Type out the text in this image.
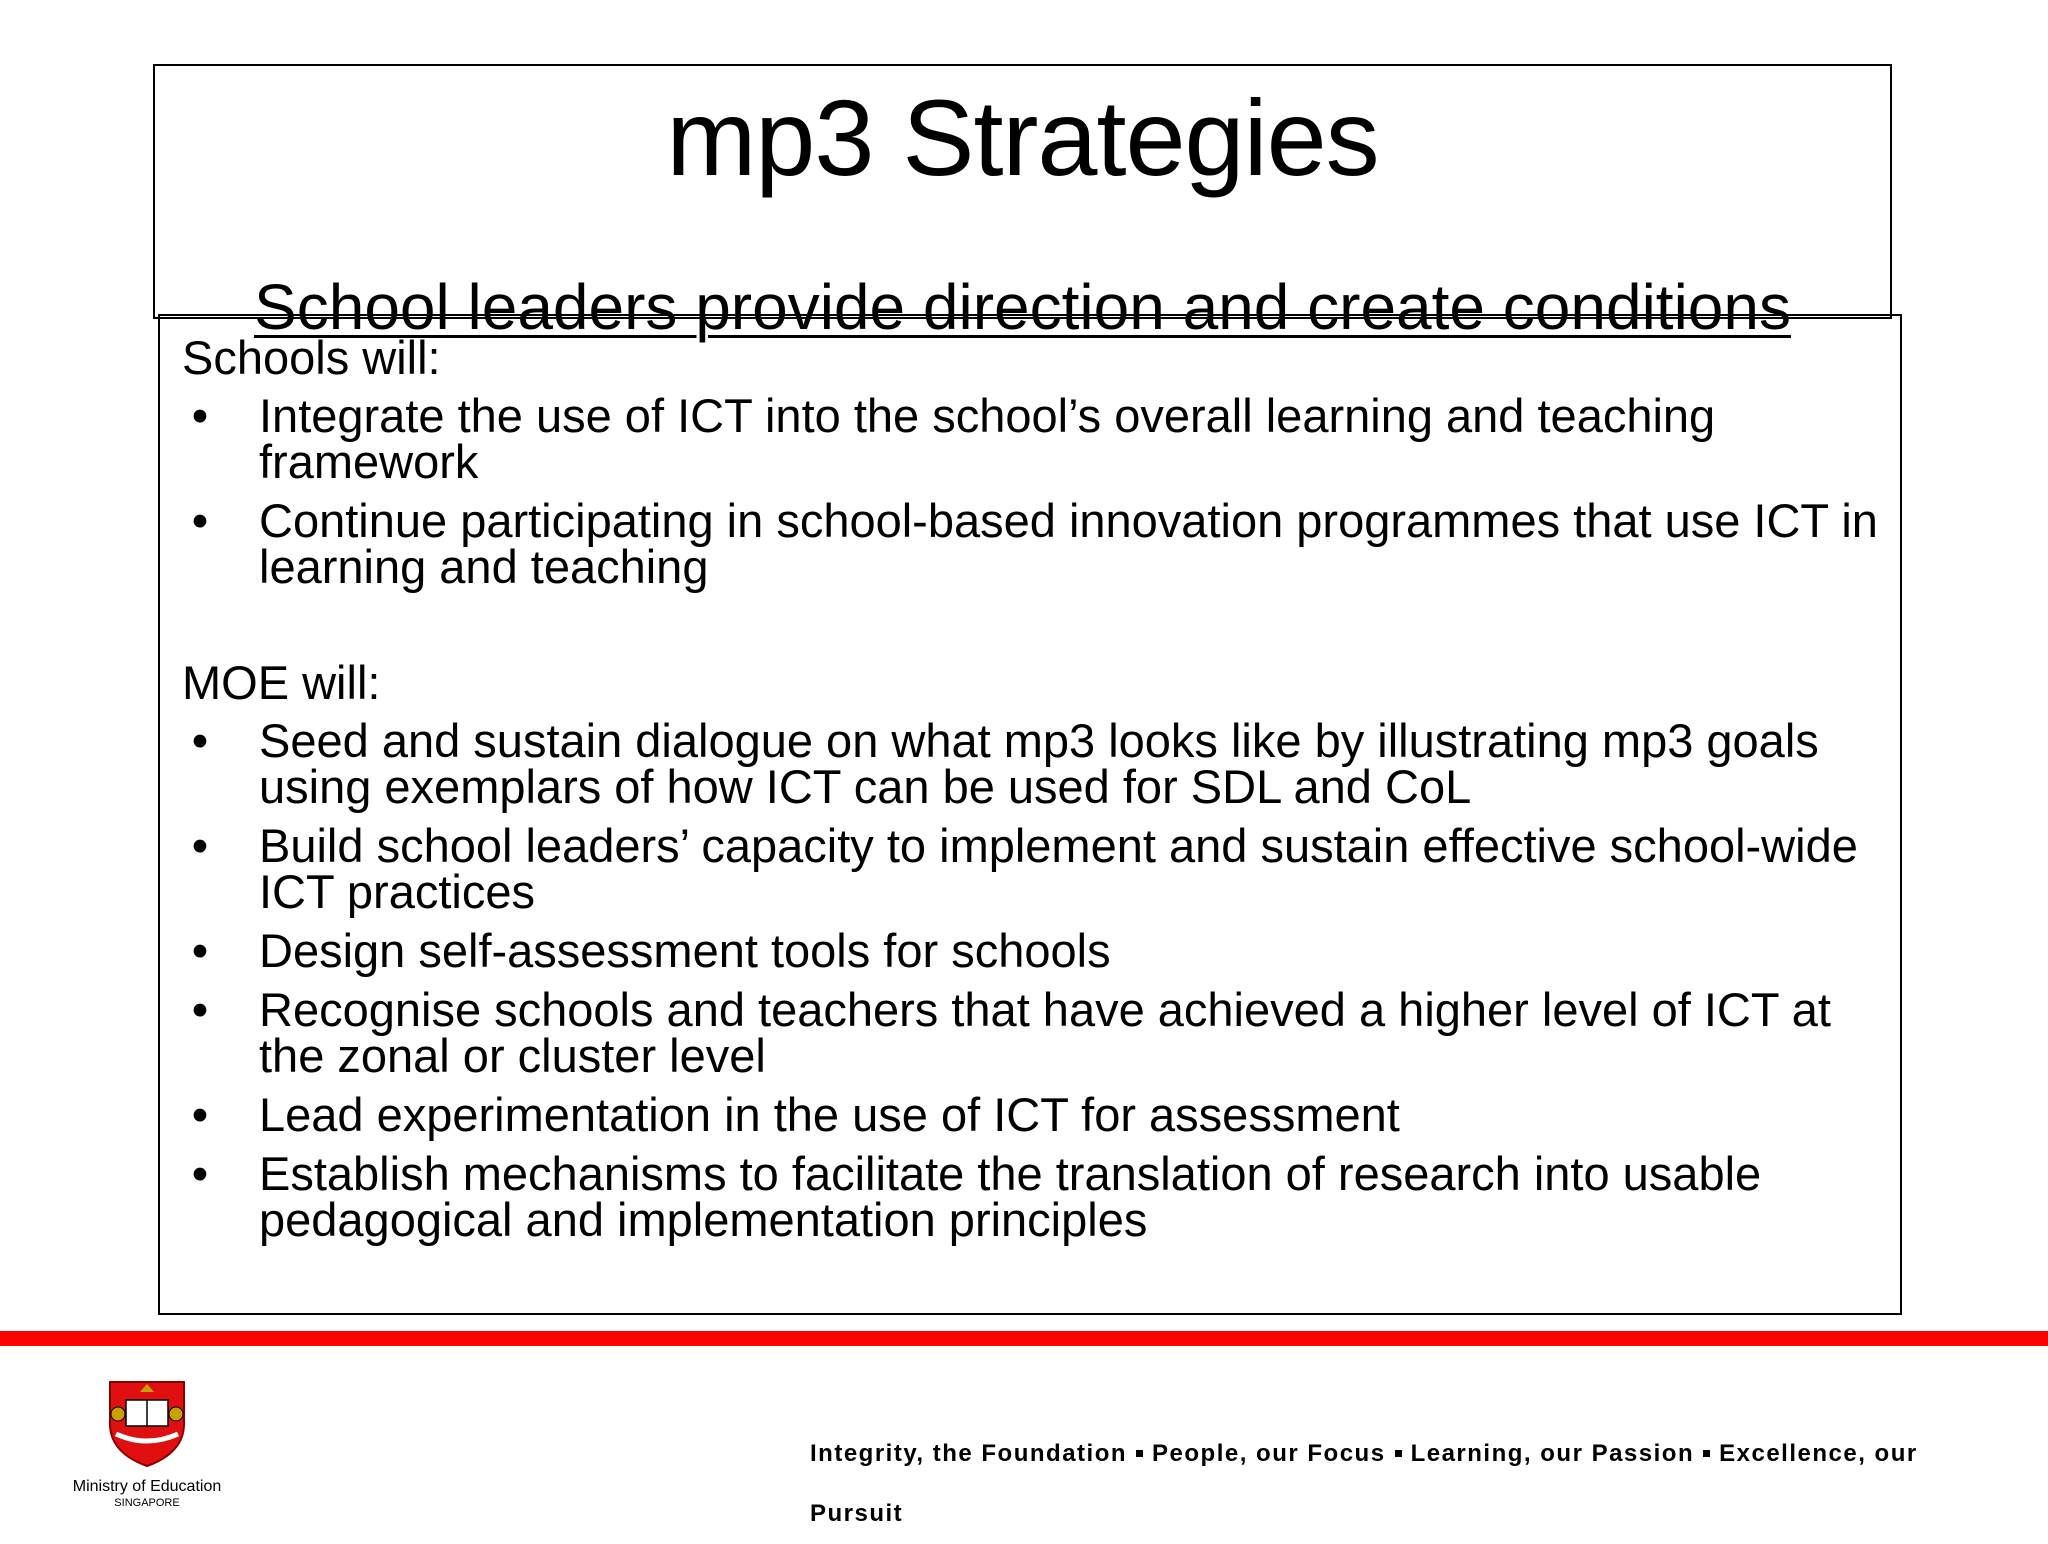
mp3 Strategies
School leaders provide direction and create conditions
Schools will:
• Integrate the use of ICT into the school’s overall learning and teaching framework
• Continue participating in school-based innovation programmes that use ICT in learning and teaching
MOE will:
• Seed and sustain dialogue on what mp3 looks like by illustrating mp3 goals using exemplars of how ICT can be used for SDL and CoL
• Build school leaders’ capacity to implement and sustain effective school-wide ICT practices
• Design self-assessment tools for schools
• Recognise schools and teachers that have achieved a higher level of ICT at the zonal or cluster level
• Lead experimentation in the use of ICT for assessment
• Establish mechanisms to facilitate the translation of research into usable pedagogical and implementation principles
Ministry of Education
SINGAPORE
Integrity, the Foundation People, our Focus Learning, our Passion Excellence, our Pursuit
